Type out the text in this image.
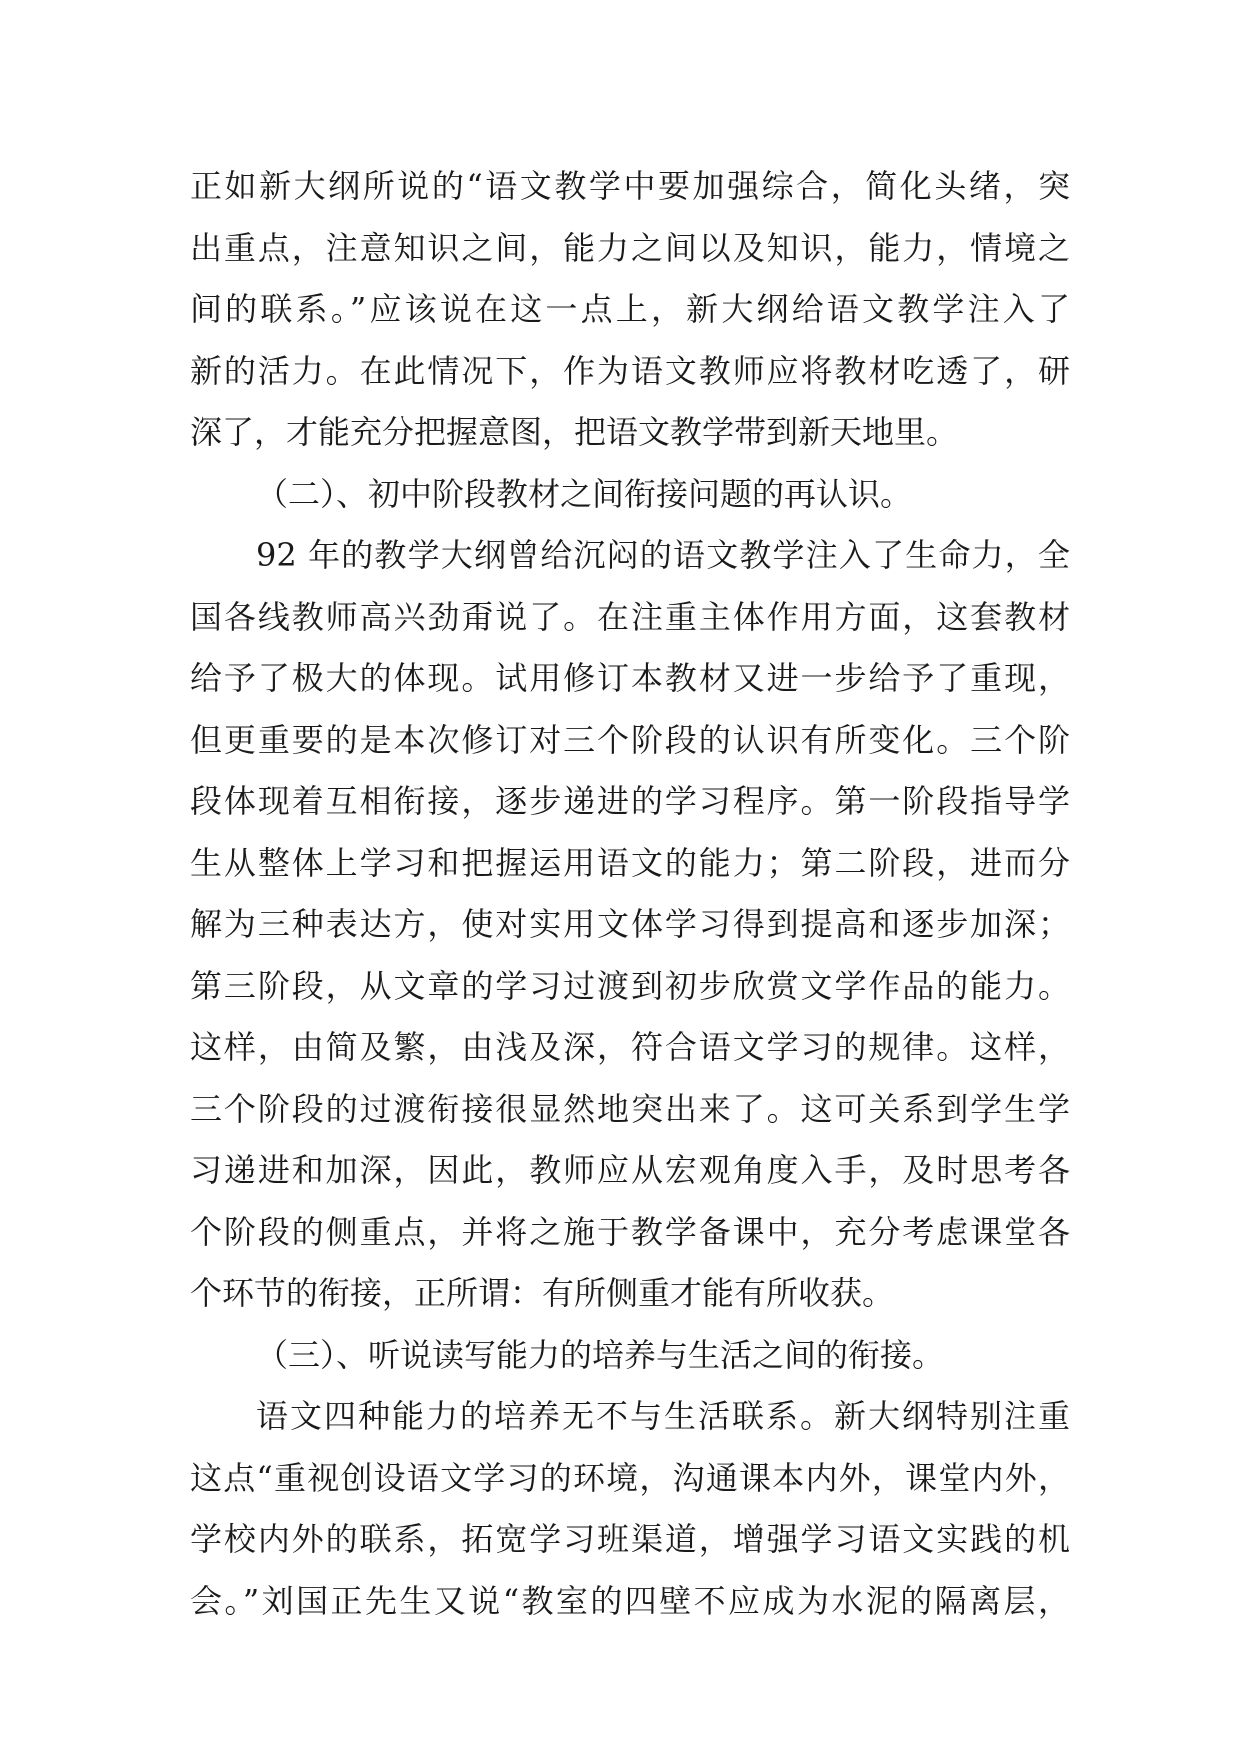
正如新大纲所说的“语文教学中要加强综合，简化头绪，突
出重点，注意知识之间，能力之间以及知识，能力，情境之
间的联系。”应该说在这一点上，新大纲给语文教学注入了
新的活力。在此情况下，作为语文教师应将教材吃透了，研
深了，才能充分把握意图，把语文教学带到新天地里。
（二）、初中阶段教材之间衔接问题的再认识。
92 年的教学大纲曾给沉闷的语文教学注入了生命力，全
国各线教师高兴劲甭说了。在注重主体作用方面，这套教材
给予了极大的体现。试用修订本教材又进一步给予了重现，
但更重要的是本次修订对三个阶段的认识有所变化。三个阶
段体现着互相衔接，逐步递进的学习程序。第一阶段指导学
生从整体上学习和把握运用语文的能力；第二阶段，进而分
解为三种表达方，使对实用文体学习得到提高和逐步加深；
第三阶段，从文章的学习过渡到初步欣赏文学作品的能力。
这样，由简及繁，由浅及深，符合语文学习的规律。这样，
三个阶段的过渡衔接很显然地突出来了。这可关系到学生学
习递进和加深，因此，教师应从宏观角度入手，及时思考各
个阶段的侧重点，并将之施于教学备课中，充分考虑课堂各
个环节的衔接，正所谓：有所侧重才能有所收获。
（三）、听说读写能力的培养与生活之间的衔接。
语文四种能力的培养无不与生活联系。新大纲特别注重
这点“重视创设语文学习的环境，沟通课本内外，课堂内外，
学校内外的联系，拓宽学习班渠道，增强学习语文实践的机
会。”刘国正先生又说“教室的四壁不应成为水泥的隔离层，
